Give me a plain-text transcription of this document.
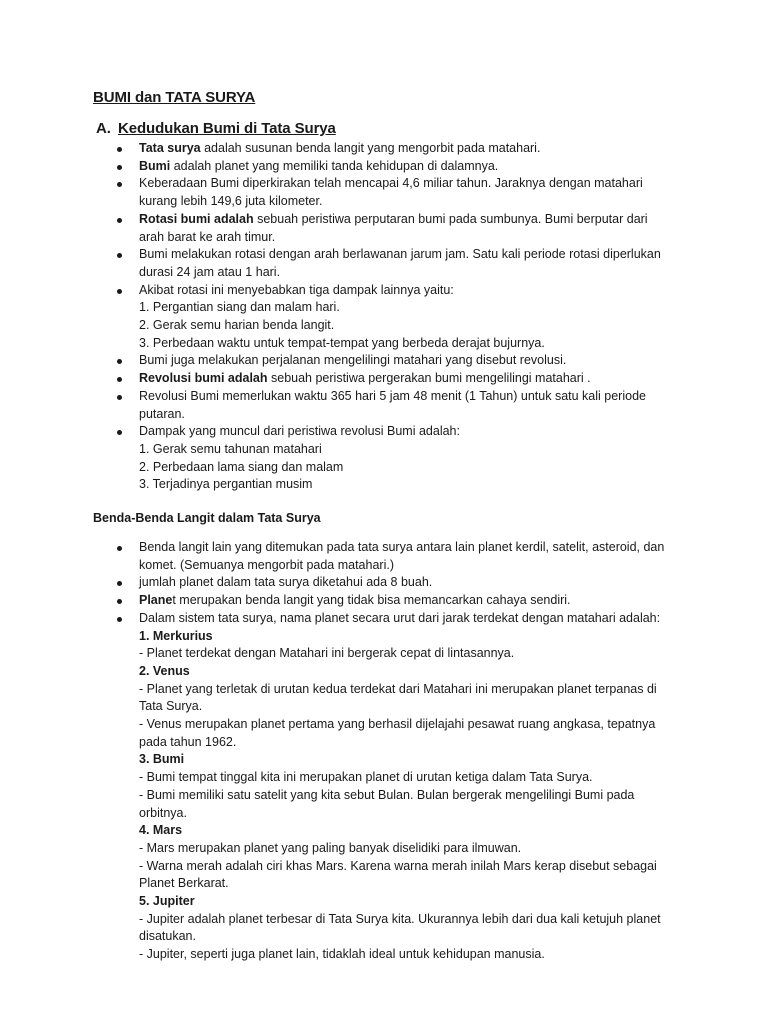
BUMI dan TATA SURYA
A. Kedudukan Bumi di Tata Surya
Tata surya adalah susunan benda langit yang mengorbit pada matahari.
Bumi adalah planet yang memiliki tanda kehidupan di dalamnya.
Keberadaan Bumi diperkirakan telah mencapai 4,6 miliar tahun. Jaraknya dengan matahari kurang lebih 149,6 juta kilometer.
Rotasi bumi adalah sebuah peristiwa perputaran bumi pada sumbunya. Bumi berputar dari arah barat ke arah timur.
Bumi melakukan rotasi dengan arah berlawanan jarum jam. Satu kali periode rotasi diperlukan durasi 24 jam atau 1 hari.
Akibat rotasi ini menyebabkan tiga dampak lainnya yaitu:
1. Pergantian siang dan malam hari.
2. Gerak semu harian benda langit.
3. Perbedaan waktu untuk tempat-tempat yang berbeda derajat bujurnya.
Bumi juga melakukan perjalanan mengelilingi matahari yang disebut revolusi.
Revolusi bumi adalah sebuah peristiwa pergerakan bumi mengelilingi matahari .
Revolusi Bumi memerlukan waktu 365 hari 5 jam 48 menit (1 Tahun) untuk satu kali periode putaran.
Dampak yang muncul dari peristiwa revolusi Bumi adalah:
1. Gerak semu tahunan matahari
2. Perbedaan lama siang dan malam
3. Terjadinya pergantian musim
Benda-Benda Langit dalam Tata Surya
Benda langit lain yang ditemukan pada tata surya antara lain planet kerdil, satelit, asteroid, dan komet. (Semuanya mengorbit pada matahari.)
jumlah planet dalam tata surya diketahui ada 8 buah.
Planet merupakan benda langit yang tidak bisa memancarkan cahaya sendiri.
Dalam sistem tata surya, nama planet secara urut dari jarak terdekat dengan matahari adalah:
1. Merkurius
- Planet terdekat dengan Matahari ini bergerak cepat di lintasannya.
2. Venus
- Planet yang terletak di urutan kedua terdekat dari Matahari ini merupakan planet terpanas di Tata Surya.
- Venus merupakan planet pertama yang berhasil dijelajahi pesawat ruang angkasa, tepatnya pada tahun 1962.
3. Bumi
- Bumi tempat tinggal kita ini merupakan planet di urutan ketiga dalam Tata Surya.
- Bumi memiliki satu satelit yang kita sebut Bulan. Bulan bergerak mengelilingi Bumi pada orbitnya.
4. Mars
- Mars merupakan planet yang paling banyak diselidiki para ilmuwan.
- Warna merah adalah ciri khas Mars. Karena warna merah inilah Mars kerap disebut sebagai Planet Berkarat.
5. Jupiter
- Jupiter adalah planet terbesar di Tata Surya kita. Ukurannya lebih dari dua kali ketujuh planet disatukan.
- Jupiter, seperti juga planet lain, tidaklah ideal untuk kehidupan manusia.
